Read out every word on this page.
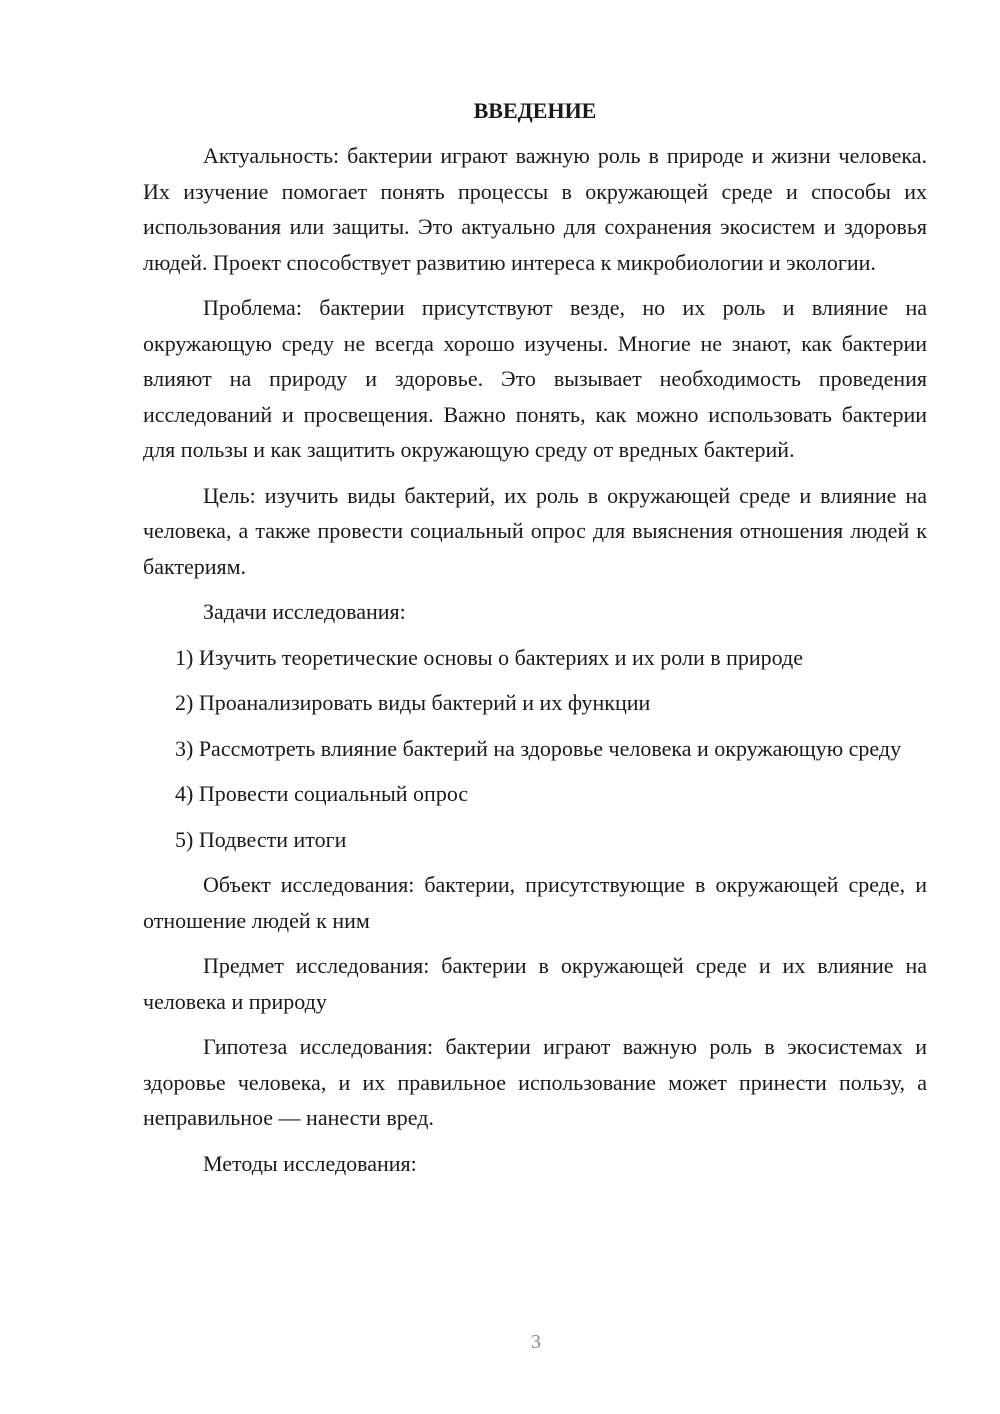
ВВЕДЕНИЕ

Актуальность: бактерии играют важную роль в природе и жизни человека. Их изучение помогает понять процессы в окружающей среде и способы их использования или защиты. Это актуально для сохранения экосистем и здоровья людей. Проект способствует развитию интереса к микробиологии и экологии.

Проблема: бактерии присутствуют везде, но их роль и влияние на окружающую среду не всегда хорошо изучены. Многие не знают, как бактерии влияют на природу и здоровье. Это вызывает необходимость проведения исследований и просвещения. Важно понять, как можно использовать бактерии для пользы и как защитить окружающую среду от вредных бактерий.

Цель: изучить виды бактерий, их роль в окружающей среде и влияние на человека, а также провести социальный опрос для выяснения отношения людей к бактериям.

Задачи исследования:

1) Изучить теоретические основы о бактериях и их роли в природе

2) Проанализировать виды бактерий и их функции

3) Рассмотреть влияние бактерий на здоровье человека и окружающую среду

4) Провести социальный опрос

5) Подвести итоги

Объект исследования: бактерии, присутствующие в окружающей среде, и отношение людей к ним

Предмет исследования: бактерии в окружающей среде и их влияние на человека и природу

Гипотеза исследования: бактерии играют важную роль в экосистемах и здоровье человека, и их правильное использование может принести пользу, а неправильное — нанести вред.

Методы исследования:

3
